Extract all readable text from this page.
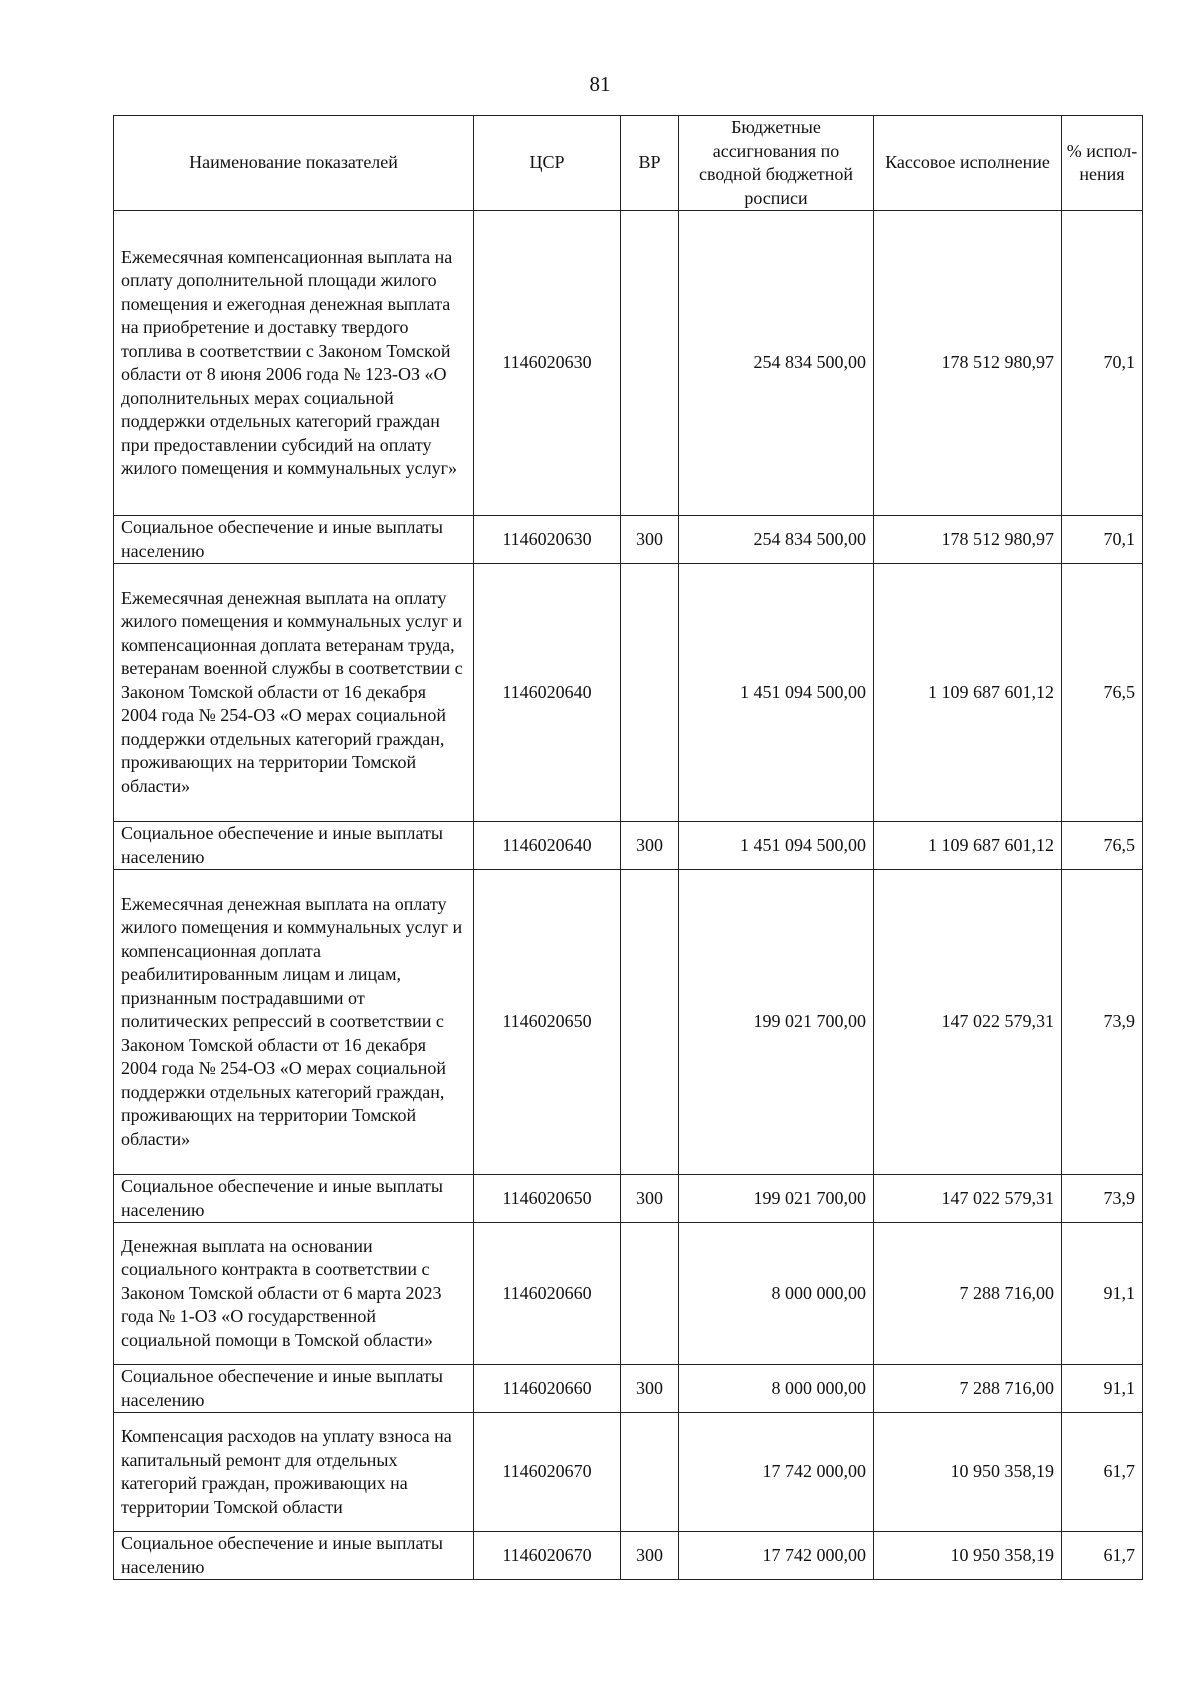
81
Наименование показателей	ЦСР	ВР	Бюджетные ассигнования по сводной бюджетной росписи	Кассовое исполнение	% испол- нения
Ежемесячная компенсационная выплата на оплату дополнительной площади жилого помещения и ежегодная денежная выплата на приобретение и доставку твердого топлива в соответствии с Законом Томской области от 8 июня 2006 года № 123-ОЗ «О дополнительных мерах социальной поддержки отдельных категорий граждан при предоставлении субсидий на оплату жилого помещения и коммунальных услуг»	1146020630		254 834 500,00	178 512 980,97	70,1
Социальное обеспечение и иные выплаты населению	1146020630	300	254 834 500,00	178 512 980,97	70,1
Ежемесячная денежная выплата на оплату жилого помещения и коммунальных услуг и компенсационная доплата ветеранам труда, ветеранам военной службы в соответствии с Законом Томской области от 16 декабря 2004 года № 254-ОЗ «О мерах социальной поддержки отдельных категорий граждан, проживающих на территории Томской области»	1146020640		1 451 094 500,00	1 109 687 601,12	76,5
Социальное обеспечение и иные выплаты населению	1146020640	300	1 451 094 500,00	1 109 687 601,12	76,5
Ежемесячная денежная выплата на оплату жилого помещения и коммунальных услуг и компенсационная доплата реабилитированным лицам и лицам, признанным пострадавшими от политических репрессий в соответствии с Законом Томской области от 16 декабря 2004 года № 254-ОЗ «О мерах социальной поддержки отдельных категорий граждан, проживающих на территории Томской области»	1146020650		199 021 700,00	147 022 579,31	73,9
Социальное обеспечение и иные выплаты населению	1146020650	300	199 021 700,00	147 022 579,31	73,9
Денежная выплата на основании социального контракта в соответствии с Законом Томской области от 6 марта 2023 года № 1-ОЗ «О государственной социальной помощи в Томской области»	1146020660		8 000 000,00	7 288 716,00	91,1
Социальное обеспечение и иные выплаты населению	1146020660	300	8 000 000,00	7 288 716,00	91,1
Компенсация расходов на уплату взноса на капитальный ремонт для отдельных категорий граждан, проживающих на территории Томской области	1146020670		17 742 000,00	10 950 358,19	61,7
Социальное обеспечение и иные выплаты населению	1146020670	300	17 742 000,00	10 950 358,19	61,7
